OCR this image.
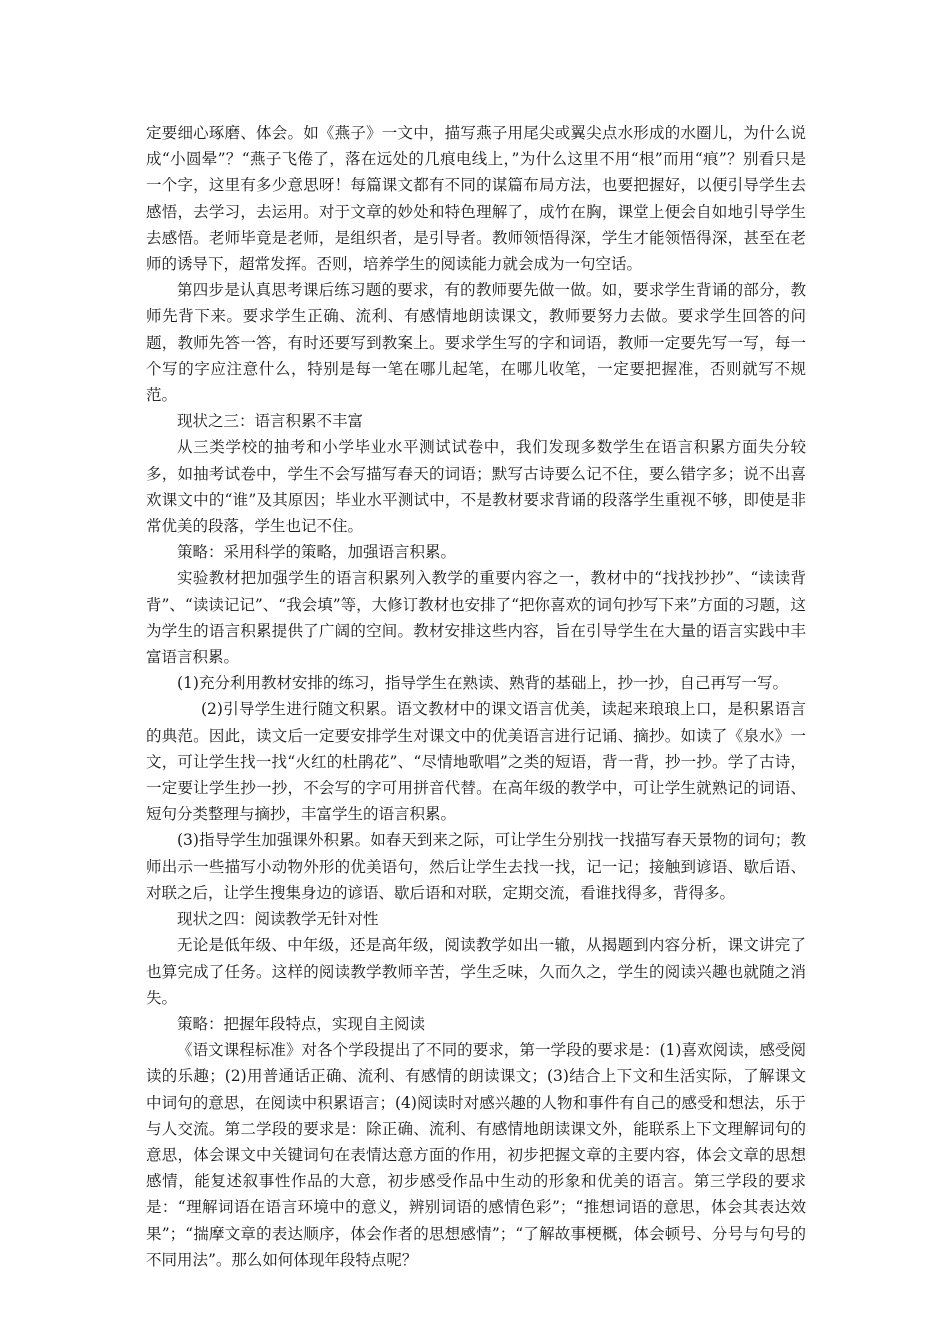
定要细心琢磨、体会。如《燕子》一文中，描写燕子用尾尖或翼尖点水形成的水圈儿，为什么说成“小圆晕”？“燕子飞倦了，落在远处的几痕电线上，”为什么这里不用“根”而用“痕”？别看只是一个字，这里有多少意思呀！每篇课文都有不同的谋篇布局方法，也要把握好，以便引导学生去感悟，去学习，去运用。对于文章的妙处和特色理解了，成竹在胸，课堂上便会自如地引导学生去感悟。老师毕竟是老师，是组织者，是引导者。教师领悟得深，学生才能领悟得深，甚至在老师的诱导下，超常发挥。否则，培养学生的阅读能力就会成为一句空话。

第四步是认真思考课后练习题的要求，有的教师要先做一做。如，要求学生背诵的部分，教师先背下来。要求学生正确、流利、有感情地朗读课文，教师要努力去做。要求学生回答的问题，教师先答一答，有时还要写到教案上。要求学生写的字和词语，教师一定要先写一写，每一个写的字应注意什么，特别是每一笔在哪儿起笔，在哪儿收笔，一定要把握准，否则就写不规范。

现状之三：语言积累不丰富

从三类学校的抽考和小学毕业水平测试试卷中，我们发现多数学生在语言积累方面失分较多，如抽考试卷中，学生不会写描写春天的词语；默写古诗要么记不住，要么错字多；说不出喜欢课文中的“谁”及其原因；毕业水平测试中，不是教材要求背诵的段落学生重视不够，即使是非常优美的段落，学生也记不住。

策略：采用科学的策略，加强语言积累。

实验教材把加强学生的语言积累列入教学的重要内容之一，教材中的“找找抄抄”、“读读背背”、“读读记记”、“我会填”等，大修订教材也安排了“把你喜欢的词句抄写下来”方面的习题，这为学生的语言积累提供了广阔的空间。教材安排这些内容，旨在引导学生在大量的语言实践中丰富语言积累。

(1)充分利用教材安排的练习，指导学生在熟读、熟背的基础上，抄一抄，自己再写一写。

(2)引导学生进行随文积累。语文教材中的课文语言优美，读起来琅琅上口，是积累语言的典范。因此，读文后一定要安排学生对课文中的优美语言进行记诵、摘抄。如读了《泉水》一文，可让学生找一找“火红的杜鹃花”、“尽情地歌唱”之类的短语，背一背，抄一抄。学了古诗，一定要让学生抄一抄，不会写的字可用拼音代替。在高年级的教学中，可让学生就熟记的词语、短句分类整理与摘抄，丰富学生的语言积累。

(3)指导学生加强课外积累。如春天到来之际，可让学生分别找一找描写春天景物的词句；教师出示一些描写小动物外形的优美语句，然后让学生去找一找，记一记；接触到谚语、歇后语、对联之后，让学生搜集身边的谚语、歇后语和对联，定期交流，看谁找得多，背得多。

现状之四：阅读教学无针对性

无论是低年级、中年级，还是高年级，阅读教学如出一辙，从揭题到内容分析，课文讲完了也算完成了任务。这样的阅读教学教师辛苦，学生乏味，久而久之，学生的阅读兴趣也就随之消失。

策略：把握年段特点，实现自主阅读

《语文课程标准》对各个学段提出了不同的要求，第一学段的要求是：(1)喜欢阅读，感受阅读的乐趣；(2)用普通话正确、流利、有感情的朗读课文；(3)结合上下文和生活实际，了解课文中词句的意思，在阅读中积累语言；(4)阅读时对感兴趣的人物和事件有自己的感受和想法，乐于与人交流。第二学段的要求是：除正确、流利、有感情地朗读课文外，能联系上下文理解词句的意思，体会课文中关键词句在表情达意方面的作用，初步把握文章的主要内容，体会文章的思想感情，能复述叙事性作品的大意，初步感受作品中生动的形象和优美的语言。第三学段的要求是：“理解词语在语言环境中的意义，辨别词语的感情色彩”；“推想词语的意思，体会其表达效果”；“揣摩文章的表达顺序，体会作者的思想感情”；“了解故事梗概，体会顿号、分号与句号的不同用法”。那么如何体现年段特点呢？
